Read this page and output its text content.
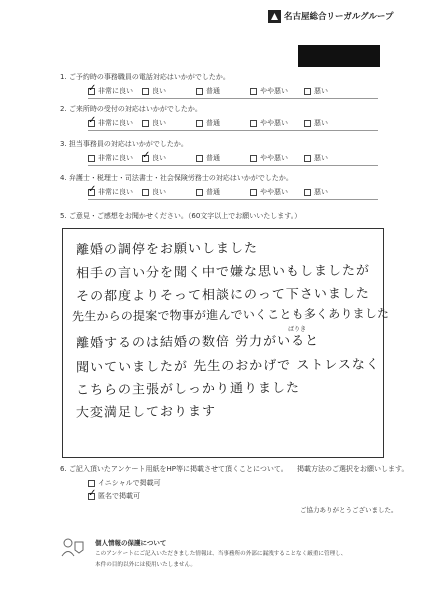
名古屋総合リーガルグループ
1. ご予約時の事務職員の電話対応はいかがでしたか。
✓
非常に良い	良い	普通	やや悪い	悪い
2. ご来所時の受付の対応はいかがでしたか。
✓
非常に良い	良い	普通	やや悪い	悪い
3. 担当事務員の対応はいかがでしたか。
非常に良い
✓	良い	普通	やや悪い	悪い
4. 弁護士・税理士・司法書士・社会保険労務士の対応はいかがでしたか。
✓
非常に良い	良い	普通	やや悪い	悪い
5. ご意見・ご感想をお聞かせください。（60文字以上でお願いいたします。）
離婚の調停をお願いしました
相手の言い分を聞く中で嫌な思いもしましたが
その都度よりそって相談にのって下さいました
先生からの提案で物事が進んでいくことも多くありました
ばりき
離婚するのは結婚の数倍 労力がいると
聞いていましたが 先生のおかげで ストレスなく
こちらの主張がしっかり通りました
大変満足しております
6. ご記入頂いたアンケート用紙をHP等に掲載させて頂くことについて。 掲載方法のご選択をお願いします。
イニシャルで掲載可
✓
匿名で掲載可
ご協力ありがとうございました。
個人情報の保護について
このアンケートにご記入いただきました情報は、当事務所の外部に漏洩することなく厳重に管理し、
本件の目的以外には使用いたしません。
